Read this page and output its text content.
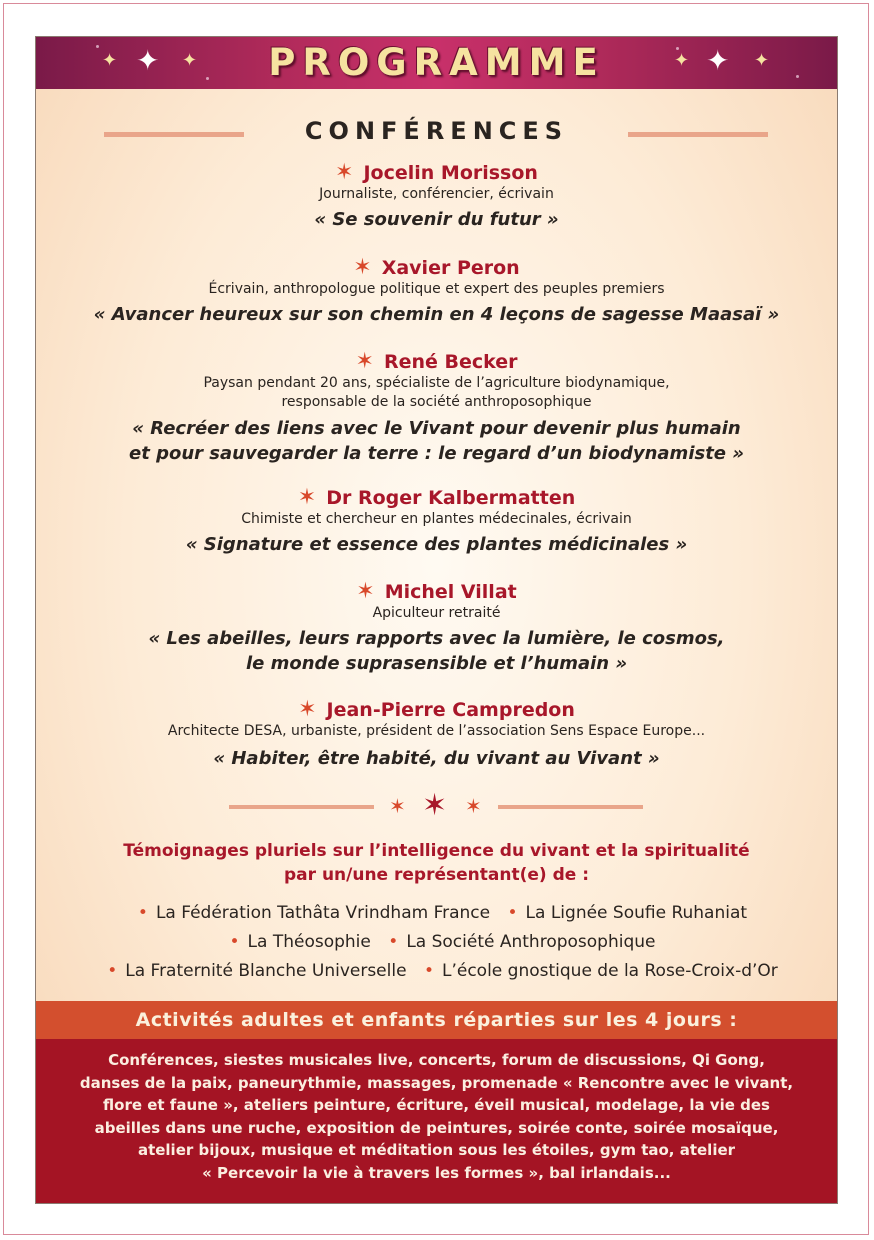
✦ ✦ ✦	✦ ✦ ✦
PROGRAMME
CONFÉRENCES
✶ Jocelin Morisson
Journaliste, conférencier, écrivain
« Se souvenir du futur »
✶ Xavier Peron
Écrivain, anthropologue politique et expert des peuples premiers
« Avancer heureux sur son chemin en 4 leçons de sagesse Maasaï »
✶ René Becker
Paysan pendant 20 ans, spécialiste de l’agriculture biodynamique,
responsable de la société anthroposophique
« Recréer des liens avec le Vivant pour devenir plus humain
et pour sauvegarder la terre : le regard d’un biodynamiste »
✶ Dr Roger Kalbermatten
Chimiste et chercheur en plantes médecinales, écrivain
« Signature et essence des plantes médicinales »
✶ Michel Villat
Apiculteur retraité
« Les abeilles, leurs rapports avec la lumière, le cosmos,
le monde suprasensible et l’humain »
✶ Jean-Pierre Campredon
Architecte DESA, urbaniste, président de l’association Sens Espace Europe...
« Habiter, être habité, du vivant au Vivant »
✶ ✶ ✶
Témoignages pluriels sur l’intelligence du vivant et la spiritualité
par un/une représentant(e) de :
• La Fédération Tathâta Vrindham France • La Lignée Soufie Ruhaniat
• La Théosophie • La Société Anthroposophique
• La Fraternité Blanche Universelle • L’école gnostique de la Rose-Croix-d’Or
Activités adultes et enfants réparties sur les 4 jours :
Conférences, siestes musicales live, concerts, forum de discussions, Qi Gong,
danses de la paix, paneurythmie, massages, promenade « Rencontre avec le vivant,
flore et faune », ateliers peinture, écriture, éveil musical, modelage, la vie des
abeilles dans une ruche, exposition de peintures, soirée conte, soirée mosaïque,
atelier bijoux, musique et méditation sous les étoiles, gym tao, atelier
« Percevoir la vie à travers les formes », bal irlandais...
